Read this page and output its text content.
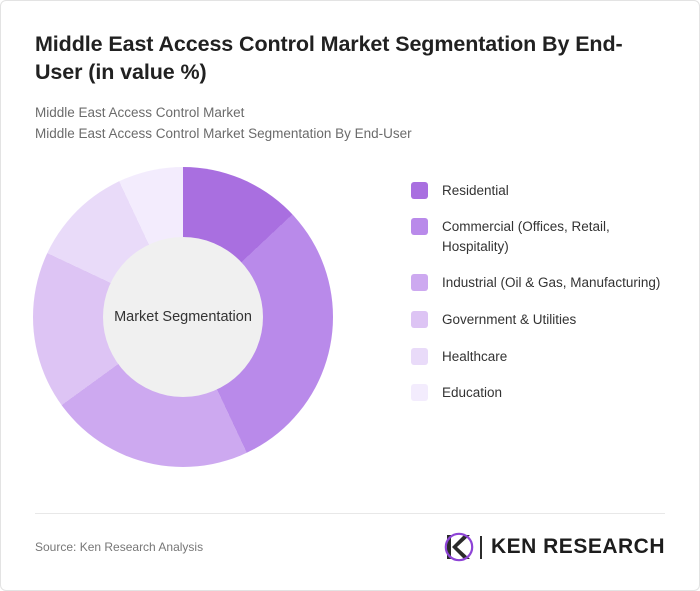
Middle East Access Control Market Segmentation By End-User (in value %)
Middle East Access Control Market
Middle East Access Control Market Segmentation By End-User
Market Segmentation
Residential
Commercial (Offices, Retail, Hospitality)
Industrial (Oil & Gas, Manufacturing)
Government & Utilities
Healthcare
Education
Source: Ken Research Analysis	KEN RESEARCH
